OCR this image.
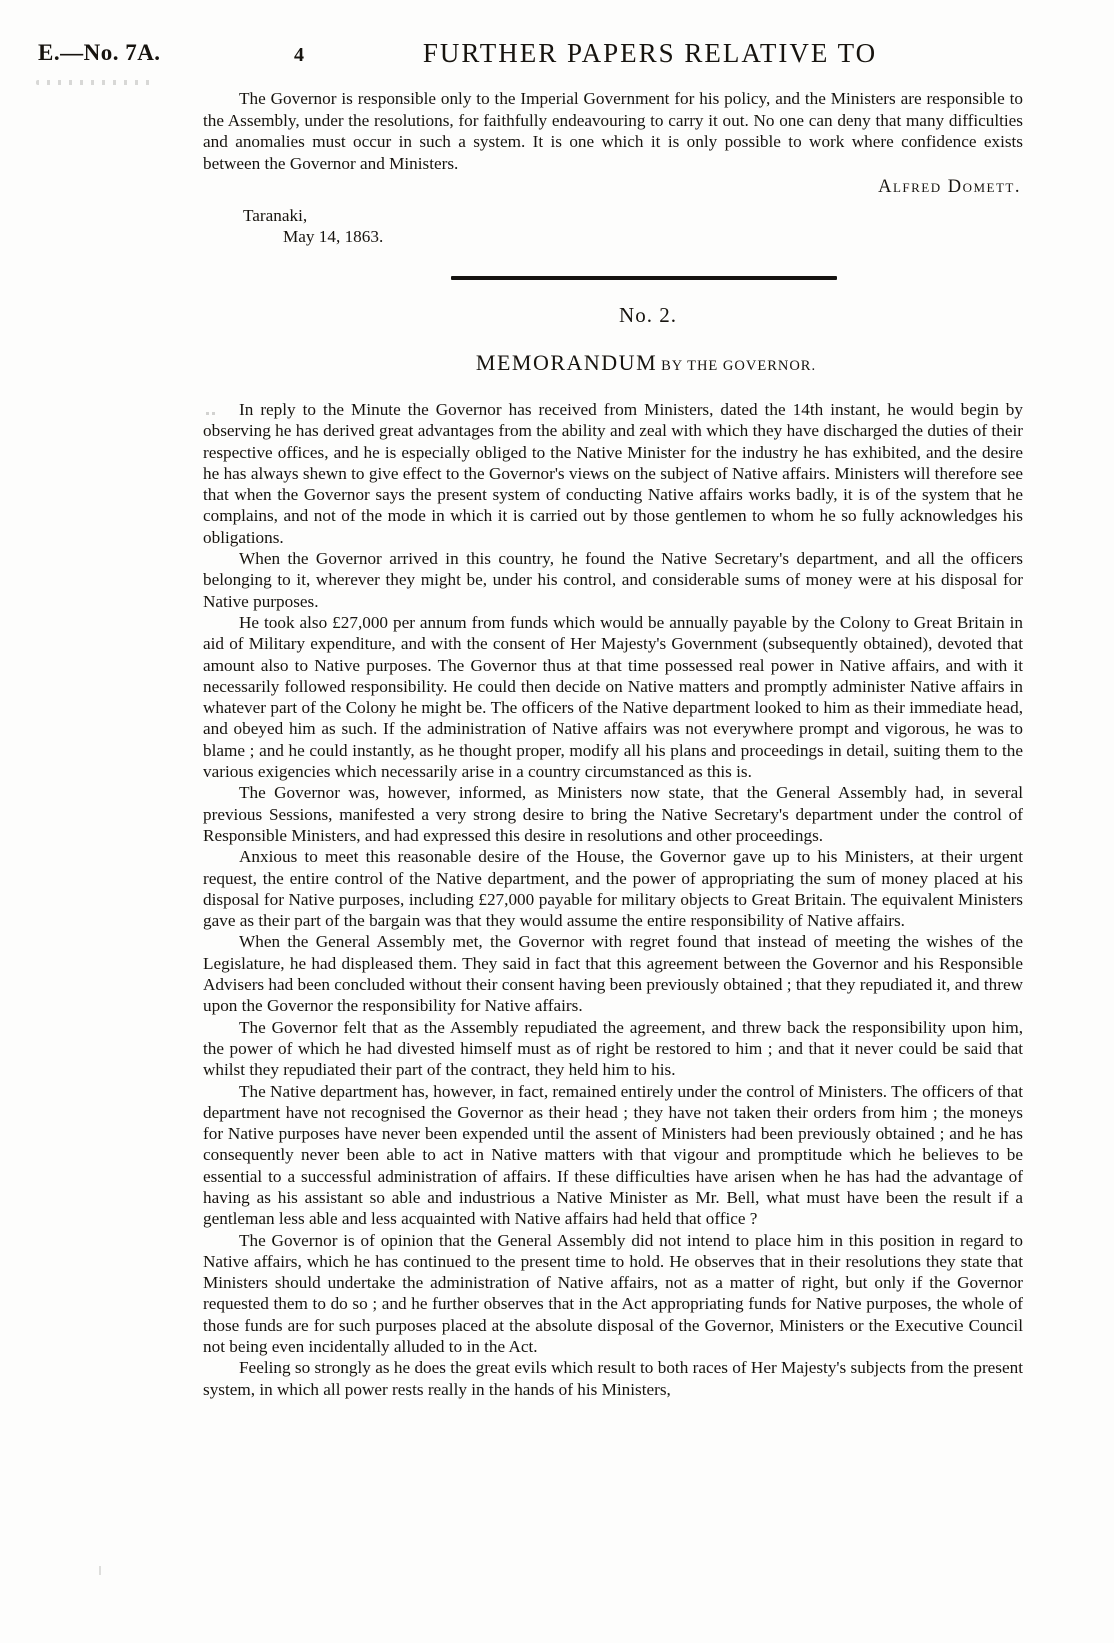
E.—No. 7A.	4	FURTHER PAPERS RELATIVE TO

The Governor is responsible only to the Imperial Government for his policy, and the Ministers are responsible to the Assembly, under the resolutions, for faithfully endeavouring to carry it out. No one can deny that many difficulties and anomalies must occur in such a system. It is one which it is only possible to work where confidence exists between the Governor and Ministers.

Alfred Domett.
Taranaki,
May 14, 1863.
No. 2.
MEMORANDUM BY THE GOVERNOR.

In reply to the Minute the Governor has received from Ministers, dated the 14th instant, he would begin by observing he has derived great advantages from the ability and zeal with which they have discharged the duties of their respective offices, and he is especially obliged to the Native Minister for the industry he has exhibited, and the desire he has always shewn to give effect to the Governor's views on the subject of Native affairs. Ministers will therefore see that when the Governor says the present system of conducting Native affairs works badly, it is of the system that he complains, and not of the mode in which it is carried out by those gentlemen to whom he so fully acknowledges his obligations.

When the Governor arrived in this country, he found the Native Secretary's department, and all the officers belonging to it, wherever they might be, under his control, and considerable sums of money were at his disposal for Native purposes.

He took also £27,000 per annum from funds which would be annually payable by the Colony to Great Britain in aid of Military expenditure, and with the consent of Her Majesty's Government (subsequently obtained), devoted that amount also to Native purposes. The Governor thus at that time possessed real power in Native affairs, and with it necessarily followed responsibility. He could then decide on Native matters and promptly administer Native affairs in whatever part of the Colony he might be. The officers of the Native department looked to him as their immediate head, and obeyed him as such. If the administration of Native affairs was not everywhere prompt and vigorous, he was to blame ; and he could instantly, as he thought proper, modify all his plans and proceedings in detail, suiting them to the various exigencies which necessarily arise in a country circumstanced as this is.

The Governor was, however, informed, as Ministers now state, that the General Assembly had, in several previous Sessions, manifested a very strong desire to bring the Native Secretary's department under the control of Responsible Ministers, and had expressed this desire in resolutions and other proceedings.

Anxious to meet this reasonable desire of the House, the Governor gave up to his Ministers, at their urgent request, the entire control of the Native department, and the power of appropriating the sum of money placed at his disposal for Native purposes, including £27,000 payable for military objects to Great Britain. The equivalent Ministers gave as their part of the bargain was that they would assume the entire responsibility of Native affairs.

When the General Assembly met, the Governor with regret found that instead of meeting the wishes of the Legislature, he had displeased them. They said in fact that this agreement between the Governor and his Responsible Advisers had been concluded without their consent having been previously obtained ; that they repudiated it, and threw upon the Governor the responsibility for Native affairs.

The Governor felt that as the Assembly repudiated the agreement, and threw back the responsibility upon him, the power of which he had divested himself must as of right be restored to him ; and that it never could be said that whilst they repudiated their part of the contract, they held him to his.

The Native department has, however, in fact, remained entirely under the control of Ministers. The officers of that department have not recognised the Governor as their head ; they have not taken their orders from him ; the moneys for Native purposes have never been expended until the assent of Ministers had been previously obtained ; and he has consequently never been able to act in Native matters with that vigour and promptitude which he believes to be essential to a successful administration of affairs. If these difficulties have arisen when he has had the advantage of having as his assistant so able and industrious a Native Minister as Mr. Bell, what must have been the result if a gentleman less able and less acquainted with Native affairs had held that office ?

The Governor is of opinion that the General Assembly did not intend to place him in this position in regard to Native affairs, which he has continued to the present time to hold. He observes that in their resolutions they state that Ministers should undertake the administration of Native affairs, not as a matter of right, but only if the Governor requested them to do so ; and he further observes that in the Act appropriating funds for Native purposes, the whole of those funds are for such purposes placed at the absolute disposal of the Governor, Ministers or the Executive Council not being even incidentally alluded to in the Act.

Feeling so strongly as he does the great evils which result to both races of Her Majesty's subjects from the present system, in which all power rests really in the hands of his Ministers,
